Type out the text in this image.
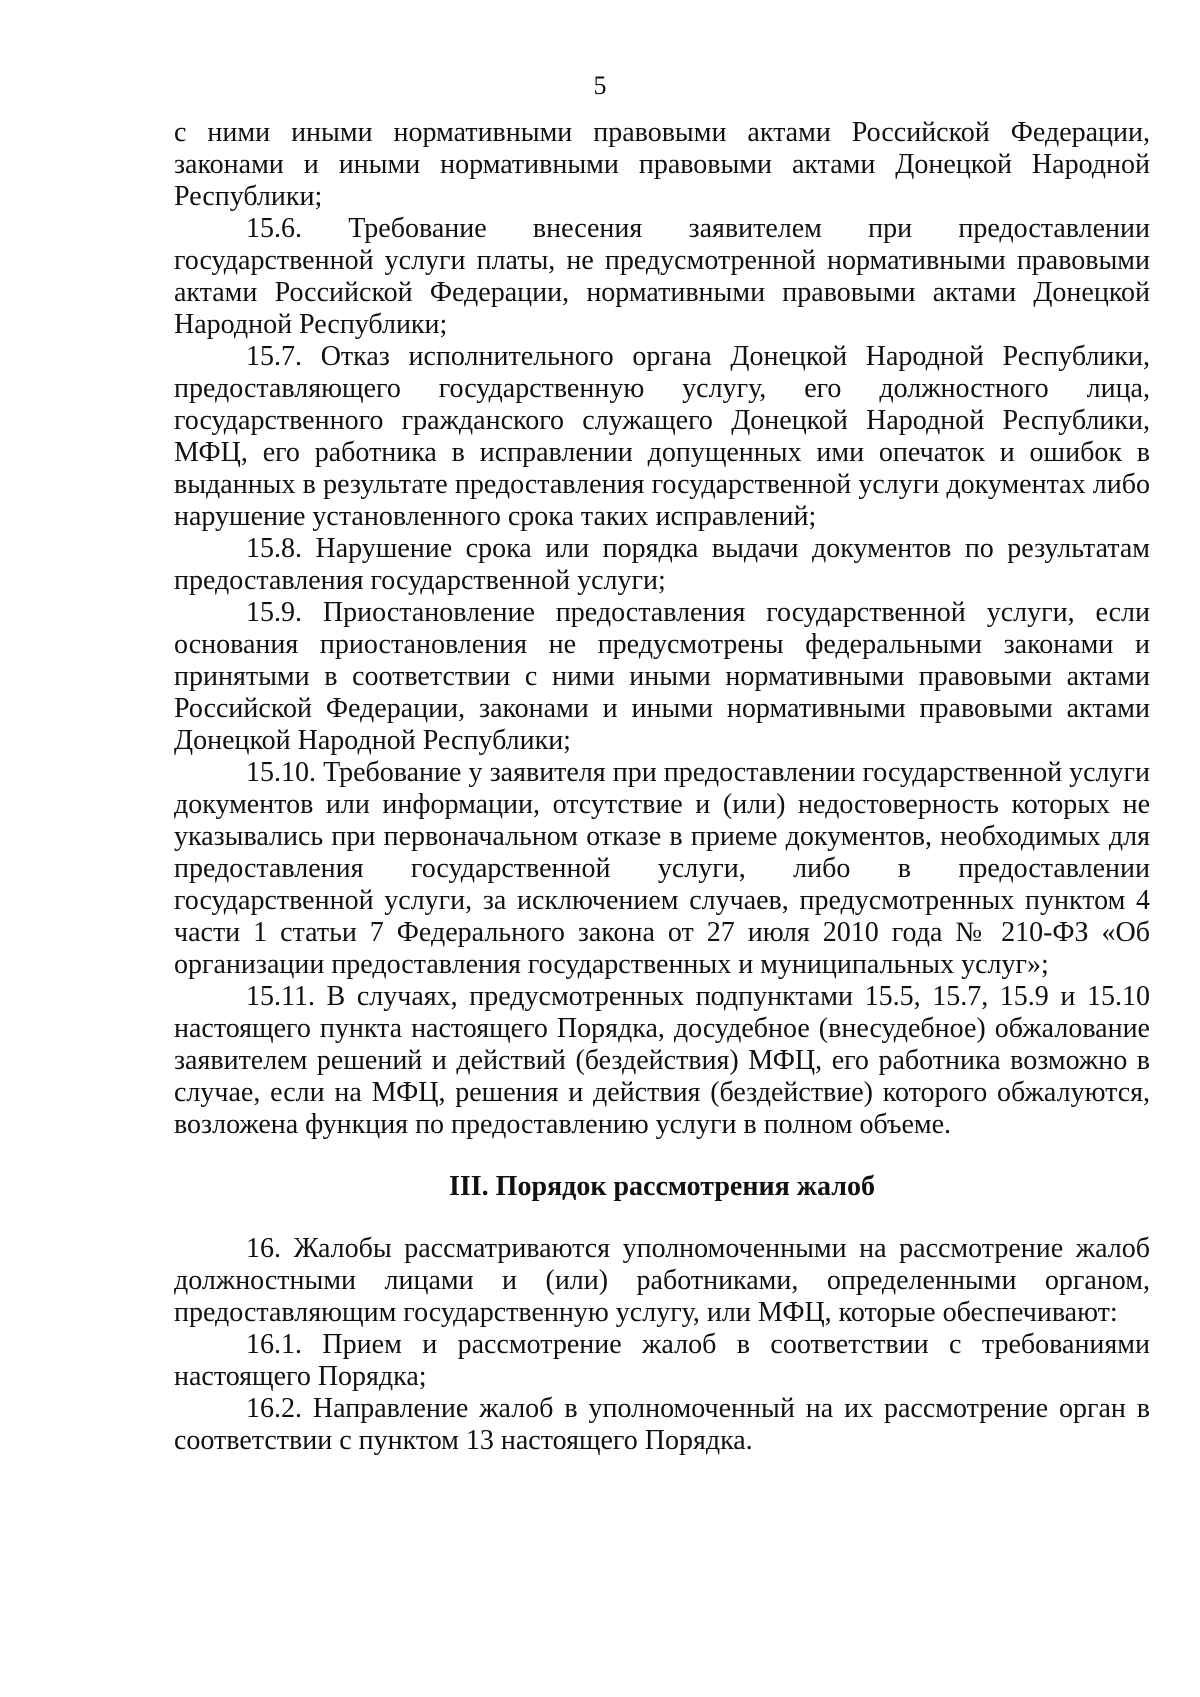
5

с ними иными нормативными правовыми актами Российской Федерации, законами и иными нормативными правовыми актами Донецкой Народной Республики;

15.6. Требование внесения заявителем при предоставлении государственной услуги платы, не предусмотренной нормативными правовыми актами Российской Федерации, нормативными правовыми актами Донецкой Народной Республики;

15.7. Отказ исполнительного органа Донецкой Народной Республики, предоставляющего государственную услугу, его должностного лица, государственного гражданского служащего Донецкой Народной Республики, МФЦ, его работника в исправлении допущенных ими опечаток и ошибок в выданных в результате предоставления государственной услуги документах либо нарушение установленного срока таких исправлений;

15.8. Нарушение срока или порядка выдачи документов по результатам предоставления государственной услуги;

15.9. Приостановление предоставления государственной услуги, если основания приостановления не предусмотрены федеральными законами и принятыми в соответствии с ними иными нормативными правовыми актами Российской Федерации, законами и иными нормативными правовыми актами Донецкой Народной Республики;

15.10. Требование у заявителя при предоставлении государственной услуги документов или информации, отсутствие и (или) недостоверность которых не указывались при первоначальном отказе в приеме документов, необходимых для предоставления государственной услуги, либо в предоставлении государственной услуги, за исключением случаев, предусмотренных пунктом 4 части 1 статьи 7 Федерального закона от 27 июля 2010 года № 210-ФЗ «Об организации предоставления государственных и муниципальных услуг»;

15.11. В случаях, предусмотренных подпунктами 15.5, 15.7, 15.9 и 15.10 настоящего пункта настоящего Порядка, досудебное (внесудебное) обжалование заявителем решений и действий (бездействия) МФЦ, его работника возможно в случае, если на МФЦ, решения и действия (бездействие) которого обжалуются, возложена функция по предоставлению услуги в полном объеме.

III. Порядок рассмотрения жалоб

16. Жалобы рассматриваются уполномоченными на рассмотрение жалоб должностными лицами и (или) работниками, определенными органом, предоставляющим государственную услугу, или МФЦ, которые обеспечивают:

16.1. Прием и рассмотрение жалоб в соответствии с требованиями настоящего Порядка;

16.2. Направление жалоб в уполномоченный на их рассмотрение орган в соответствии с пунктом 13 настоящего Порядка.
